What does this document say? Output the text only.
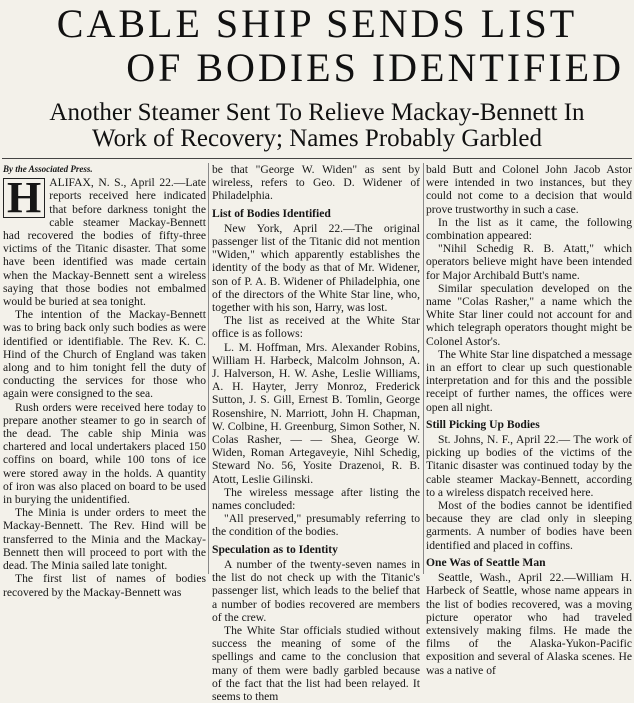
CABLE SHIP SENDS LIST
OF BODIES IDENTIFIED
Another Steamer Sent To Relieve Mackay-Bennett In
Work of Recovery; Names Probably Garbled

By the Associated Press.

H ALIFAX, N. S., April 22.—Late reports received here indicated that before darkness tonight the cable steamer Mackay-Bennett had recovered the bodies of fifty-three victims of the Titanic disaster. That some have been identified was made certain when the Mackay-Bennett sent a wireless saying that those bodies not embalmed would be buried at sea tonight.

The intention of the Mackay-Bennett was to bring back only such bodies as were identified or identifiable. The Rev. K. C. Hind of the Church of England was taken along and to him tonight fell the duty of conducting the services for those who again were consigned to the sea.

Rush orders were received here today to prepare another steamer to go in search of the dead. The cable ship Minia was chartered and local undertakers placed 150 coffins on board, while 100 tons of ice were stored away in the holds. A quantity of iron was also placed on board to be used in burying the unidentified.

The Minia is under orders to meet the Mackay-Bennett. The Rev. Hind will be transferred to the Minia and the Mackay-Bennett then will proceed to port with the dead. The Minia sailed late tonight.

The first list of names of bodies recovered by the Mackay-Bennett was

be that "George W. Widen" as sent by wireless, refers to Geo. D. Widener of Philadelphia.

List of Bodies Identified

New York, April 22.—The original passenger list of the Titanic did not mention "Widen," which apparently establishes the identity of the body as that of Mr. Widener, son of P. A. B. Widener of Philadelphia, one of the directors of the White Star line, who, together with his son, Harry, was lost.

The list as received at the White Star office is as follows:

L. M. Hoffman, Mrs. Alexander Robins, William H. Harbeck, Malcolm Johnson, A. J. Halverson, H. W. Ashe, Leslie Williams, A. H. Hayter, Jerry Monroz, Frederick Sutton, J. S. Gill, Ernest B. Tomlin, George Rosenshire, N. Marriott, John H. Chapman, W. Colbine, H. Greenburg, Simon Sother, N. Colas Rasher, — — Shea, George W. Widen, Roman Artegaveyie, Nihl Schedig, Steward No. 56, Yosite Drazenoi, R. B. Atott, Leslie Gilinski.

The wireless message after listing the names concluded:

"All preserved," presumably referring to the condition of the bodies.

Speculation as to Identity

A number of the twenty-seven names in the list do not check up with the Titanic's passenger list, which leads to the belief that a number of bodies recovered are members of the crew.

The White Star officials studied without success the meaning of some of the spellings and came to the conclusion that many of them were badly garbled because of the fact that the list had been relayed. It seems to them

bald Butt and Colonel John Jacob Astor were intended in two instances, but they could not come to a decision that would prove trustworthy in such a case.

In the list as it came, the following combination appeared:

"Nihil Schedig R. B. Atatt," which operators believe might have been intended for Major Archibald Butt's name.

Similar speculation developed on the name "Colas Rasher," a name which the White Star liner could not account for and which telegraph operators thought might be Colonel Astor's.

The White Star line dispatched a message in an effort to clear up such questionable interpretation and for this and the possible receipt of further names, the offices were open all night.

Still Picking Up Bodies

St. Johns, N. F., April 22.— The work of picking up bodies of the victims of the Titanic disaster was continued today by the cable steamer Mackay-Bennett, according to a wireless dispatch received here.

Most of the bodies cannot be identified because they are clad only in sleeping garments. A number of bodies have been identified and placed in coffins.

One Was of Seattle Man

Seattle, Wash., April 22.—William H. Harbeck of Seattle, whose name appears in the list of bodies recovered, was a moving picture operator who had traveled extensively making films. He made the films of the Alaska-Yukon-Pacific exposition and several of Alaska scenes. He was a native of
